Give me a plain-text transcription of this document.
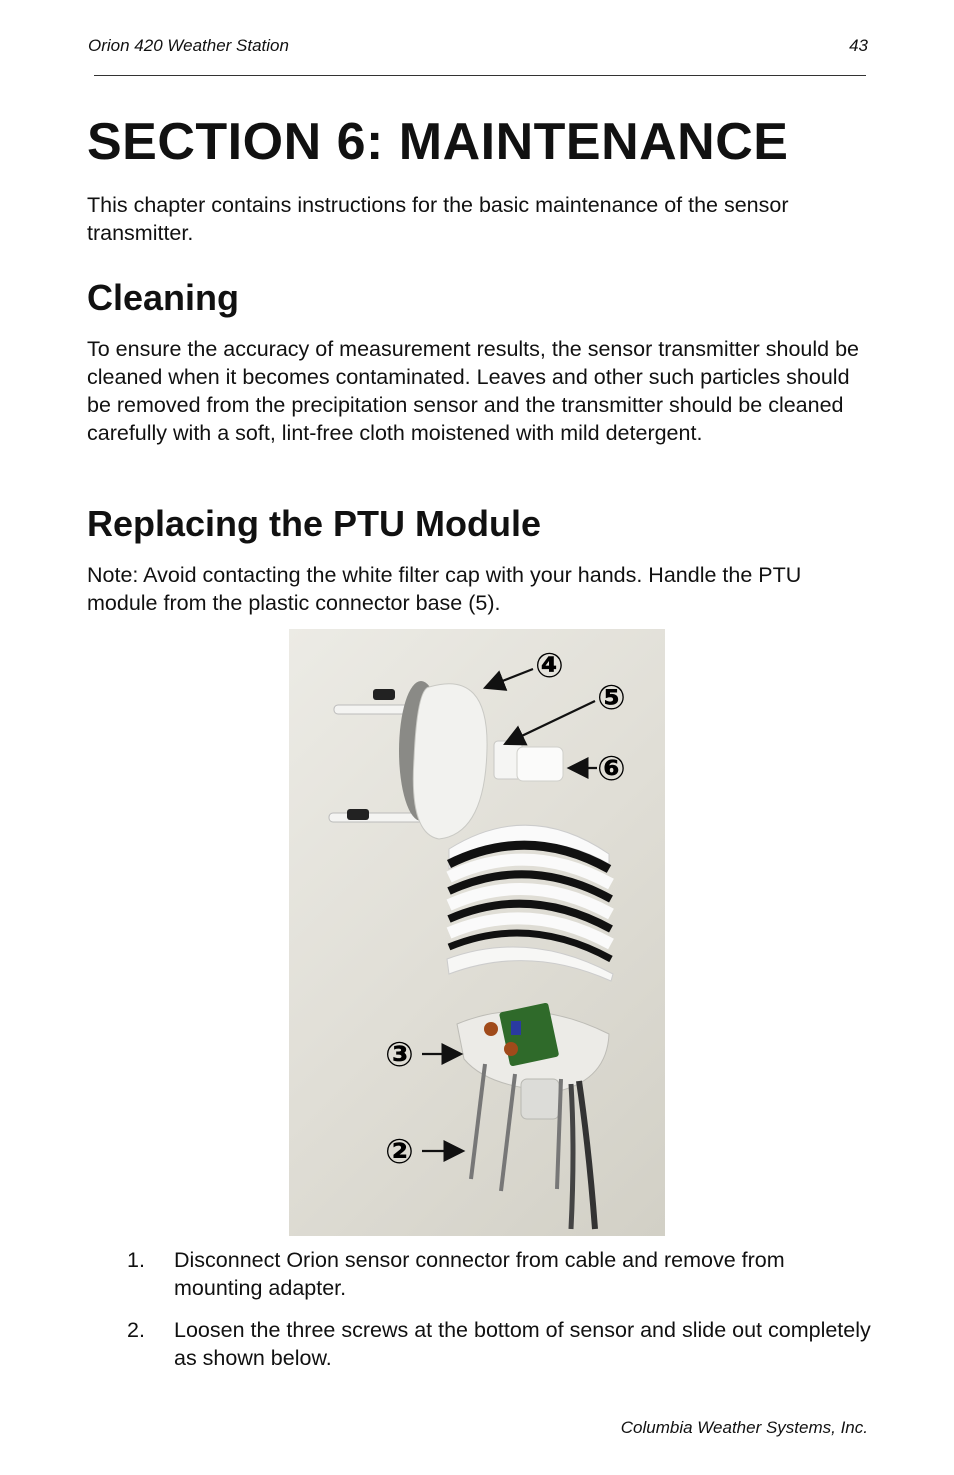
Orion 420 Weather Station	43
SECTION 6: MAINTENANCE

This chapter contains instructions for the basic maintenance of the sensor transmitter.

Cleaning

To ensure the accuracy of measurement results, the sensor transmitter should be cleaned when it becomes contaminated. Leaves and other such particles should be removed from the precipitation sensor and the transmitter should be cleaned carefully with a soft, lint-free cloth moistened with mild detergent.

Replacing the PTU Module

Note: Avoid contacting the white filter cap with your hands. Handle the PTU module from the plastic connector base (5).

④
⑤
⑥
③
②
1. Disconnect Orion sensor connector from cable and remove from mounting adapter.
2. Loosen the three screws at the bottom of sensor and slide out completely as shown below.
Columbia Weather Systems, Inc.
